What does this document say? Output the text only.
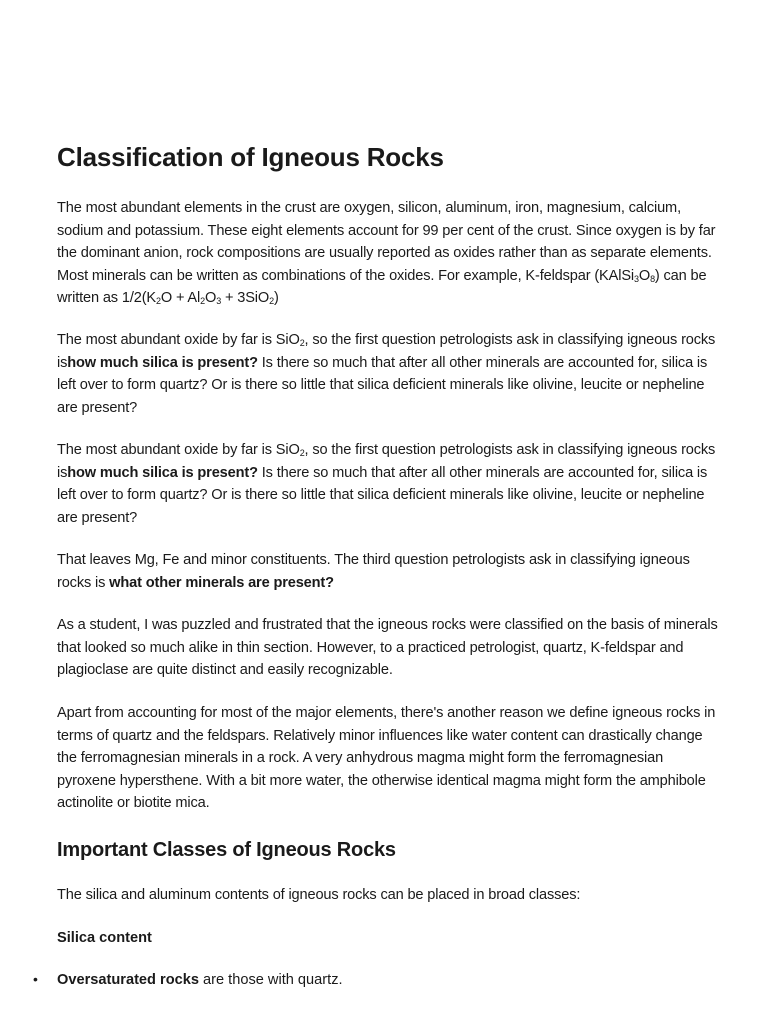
Classification of Igneous Rocks

The most abundant elements in the crust are oxygen, silicon, aluminum, iron, magnesium, calcium, sodium and potassium. These eight elements account for 99 per cent of the crust. Since oxygen is by far the dominant anion, rock compositions are usually reported as oxides rather than as separate elements. Most minerals can be written as combinations of the oxides. For example, K-feldspar $(KAlSi_3O_8)$ can be written as $1/2(K_2O + Al_2O_3 + 3SiO_2)$

The most abundant oxide by far is SiO$_2$, so the first question petrologists ask in classifying igneous rocks ishow much silica is present? Is there so much that after all other minerals are accounted for, silica is left over to form quartz? Or is there so little that silica deficient minerals like olivine, leucite or nepheline are present?

The most abundant oxide by far is SiO$_2$, so the first question petrologists ask in classifying igneous rocks ishow much silica is present? Is there so much that after all other minerals are accounted for, silica is left over to form quartz? Or is there so little that silica deficient minerals like olivine, leucite or nepheline are present?

That leaves Mg, Fe and minor constituents. The third question petrologists ask in classifying igneous rocks is what other minerals are present?

As a student, I was puzzled and frustrated that the igneous rocks were classified on the basis of minerals that looked so much alike in thin section. However, to a practiced petrologist, quartz, K-feldspar and plagioclase are quite distinct and easily recognizable.

Apart from accounting for most of the major elements, there's another reason we define igneous rocks in terms of quartz and the feldspars. Relatively minor influences like water content can drastically change the ferromagnesian minerals in a rock. A very anhydrous magma might form the ferromagnesian pyroxene hypersthene. With a bit more water, the otherwise identical magma might form the amphibole actinolite or biotite mica.

Important Classes of Igneous Rocks

The silica and aluminum contents of igneous rocks can be placed in broad classes:

Silica content

• Oversaturated rocks are those with quartz.
